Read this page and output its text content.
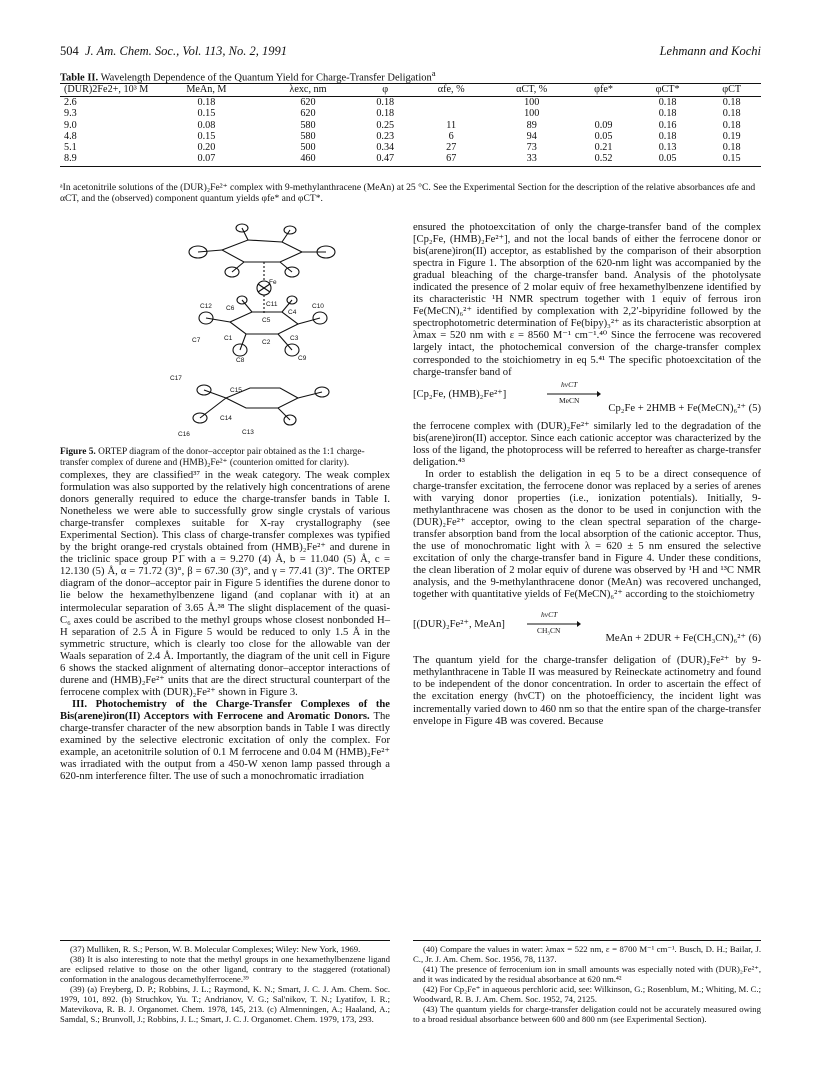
504 J. Am. Chem. Soc., Vol. 113, No. 2, 1991	Lehmann and Kochi
Table II. Wavelength Dependence of the Quantum Yield for Charge-Transfer Deligation$^a$

(DUR)2Fe2+, 10³ M	MeAn, M	λexc, nm	φ	αfe, %	αCT, %	φfe*	φCT*	φCT
2.6	0.18	620	0.18		100		0.18	0.18
9.3	0.15	620	0.18		100		0.18	0.18
9.0	0.08	580	0.25	11	89	0.09	0.16	0.18
4.8	0.15	580	0.23	6	94	0.05	0.18	0.19
5.1	0.20	500	0.34	27	73	0.21	0.13	0.18
8.9	0.07	460	0.47	67	33	0.52	0.05	0.15
ᵃIn acetonitrile solutions of the (DUR)₂Fe²⁺ complex with 9-methylanthracene (MeAn) at 25 °C. See the Experimental Section for the description of the relative absorbances αfe and αCT, and the (observed) component quantum yields φfe* and φCT*.
Fe
C12 C6
C11
C4
C10
C5
C7	C1
C2
C3
C9
C8
C17
C15
C14
C16	C13
Figure 5. ORTEP diagram of the donor–acceptor pair obtained as the 1:1 charge-transfer complex of durene and (HMB)₂Fe²⁺ (counterion omitted for clarity).

complexes, they are classified³⁷ in the weak category. The weak complex formulation was also supported by the relatively high concentrations of arene donors generally required to educe the charge-transfer bands in Table I. Nonetheless we were able to successfully grow single crystals of various charge-transfer complexes suitable for X-ray crystallography (see Experimental Section). This class of charge-transfer complexes was typified by the bright orange-red crystals obtained from (HMB)₂Fe²⁺ and durene in the triclinic space group P1̄ with a = 9.270 (4) Å, b = 11.040 (5) Å, c = 12.130 (5) Å, α = 71.72 (3)°, β = 67.30 (3)°, and γ = 77.41 (3)°. The ORTEP diagram of the donor–acceptor pair in Figure 5 identifies the durene donor to lie below the hexamethylbenzene ligand (and coplanar with it) at an intermolecular separation of 3.65 Å.³⁸ The slight displacement of the quasi-C₆ axes could be ascribed to the methyl groups whose closest nonbonded H–H separation of 2.5 Å in Figure 5 would be reduced to only 1.5 Å in the symmetric structure, which is clearly too close for the allowable van der Waals separation of 2.4 Å. Importantly, the diagram of the unit cell in Figure 6 shows the stacked alignment of alternating donor–acceptor interactions of durene and (HMB)₂Fe²⁺ units that are the direct structural counterpart of the ferrocene complex with (DUR)₂Fe²⁺ shown in Figure 3.

III. Photochemistry of the Charge-Transfer Complexes of the Bis(arene)iron(II) Acceptors with Ferrocene and Aromatic Donors. The charge-transfer character of the new absorption bands in Table I was directly examined by the selective electronic excitation of only the complex. For example, an acetonitrile solution of 0.1 M ferrocene and 0.04 M (HMB)₂Fe²⁺ was irradiated with the output from a 450-W xenon lamp passed through a 620-nm interference filter. The use of such a monochromatic irradiation

ensured the photoexcitation of only the charge-transfer band of the complex [Cp₂Fe, (HMB)₂Fe²⁺], and not the local bands of either the ferrocene donor or bis(arene)iron(II) acceptor, as established by the comparison of their absorption spectra in Figure 1. The absorption of the 620-nm light was accompanied by the gradual bleaching of the charge-transfer band. Analysis of the photolysate indicated the presence of 2 molar equiv of free hexamethylbenzene identified by its characteristic ¹H NMR spectrum together with 1 equiv of ferrous iron Fe(MeCN)₆²⁺ identified by complexation with 2,2′-bipyridine followed by the spectrophotometric determination of Fe(bipy)₃²⁺ as its characteristic absorption at λmax = 520 nm with ε = 8560 M⁻¹ cm⁻¹.⁴⁰ Since the ferrocene was recovered largely intact, the photochemical conversion of the charge-transfer complex corresponded to the stoichiometry in eq 5.⁴¹ The specific photoexcitation of the charge-transfer band of

[Cp₂Fe, (HMB)₂Fe²⁺]
hνCT
MeCN
Cp₂Fe + 2HMB + Fe(MeCN)₆²⁺ (5)

the ferrocene complex with (DUR)₂Fe²⁺ similarly led to the degradation of the bis(arene)iron(II) acceptor. Since each cationic acceptor was characterized by the loss of the ligand, the photoprocess will be referred to hereafter as charge-transfer deligation.⁴³

In order to establish the deligation in eq 5 to be a direct consequence of charge-transfer excitation, the ferrocene donor was replaced by a series of arenes with varying donor properties (i.e., ionization potentials). Initially, 9-methylanthracene was chosen as the donor to be used in conjunction with the (DUR)₂Fe²⁺ acceptor, owing to the clean spectral separation of the charge-transfer absorption band from the local absorption of the cationic acceptor. Thus, the use of monochromatic light with λ = 620 ± 5 nm ensured the selective excitation of only the charge-transfer band in Figure 4. Under these conditions, the clean liberation of 2 molar equiv of durene was observed by ¹H and ¹³C NMR analysis, and the 9-methylanthracene donor (MeAn) was recovered unchanged, together with quantitative yields of Fe(MeCN)₆²⁺ according to the stoichiometry

[(DUR)₂Fe²⁺, MeAn]
hνCT
CH₃CN
MeAn + 2DUR + Fe(CH₃CN)₆²⁺ (6)

The quantum yield for the charge-transfer deligation of (DUR)₂Fe²⁺ by 9-methylanthracene in Table II was measured by Reineckate actinometry and found to be independent of the donor concentration. In order to ascertain the effect of the excitation energy (hνCT) on the photoefficiency, the incident light was incrementally varied down to 460 nm so that the entire span of the charge-transfer envelope in Figure 4B was covered. Because

(37) Mulliken, R. S.; Person, W. B. Molecular Complexes; Wiley: New York, 1969.

(38) It is also interesting to note that the methyl groups in one hexamethylbenzene ligand are eclipsed relative to those on the other ligand, contrary to the staggered (rotational) conformation in the analogous decamethylferrocene.³⁹

(39) (a) Freyberg, D. P.; Robbins, J. L.; Raymond, K. N.; Smart, J. C. J. Am. Chem. Soc. 1979, 101, 892. (b) Struchkov, Yu. T.; Andrianov, V. G.; Sal'nikov, T. N.; Lyatifov, I. R.; Matevikova, R. B. J. Organomet. Chem. 1978, 145, 213. (c) Almenningen, A.; Haaland, A.; Samdal, S.; Brunvoll, J.; Robbins, J. L.; Smart, J. C. J. Organomet. Chem. 1979, 173, 293.

(40) Compare the values in water: λmax = 522 nm, ε = 8700 M⁻¹ cm⁻¹. Busch, D. H.; Bailar, J. C., Jr. J. Am. Chem. Soc. 1956, 78, 1137.

(41) The presence of ferrocenium ion in small amounts was especially noted with (DUR)₂Fe²⁺, and it was indicated by the residual absorbance at 620 nm.⁴²

(42) For Cp₂Fe⁺ in aqueous perchloric acid, see: Wilkinson, G.; Rosenblum, M.; Whiting, M. C.; Woodward, R. B. J. Am. Chem. Soc. 1952, 74, 2125.

(43) The quantum yields for charge-transfer deligation could not be accurately measured owing to a broad residual absorbance between 600 and 800 nm (see Experimental Section).
